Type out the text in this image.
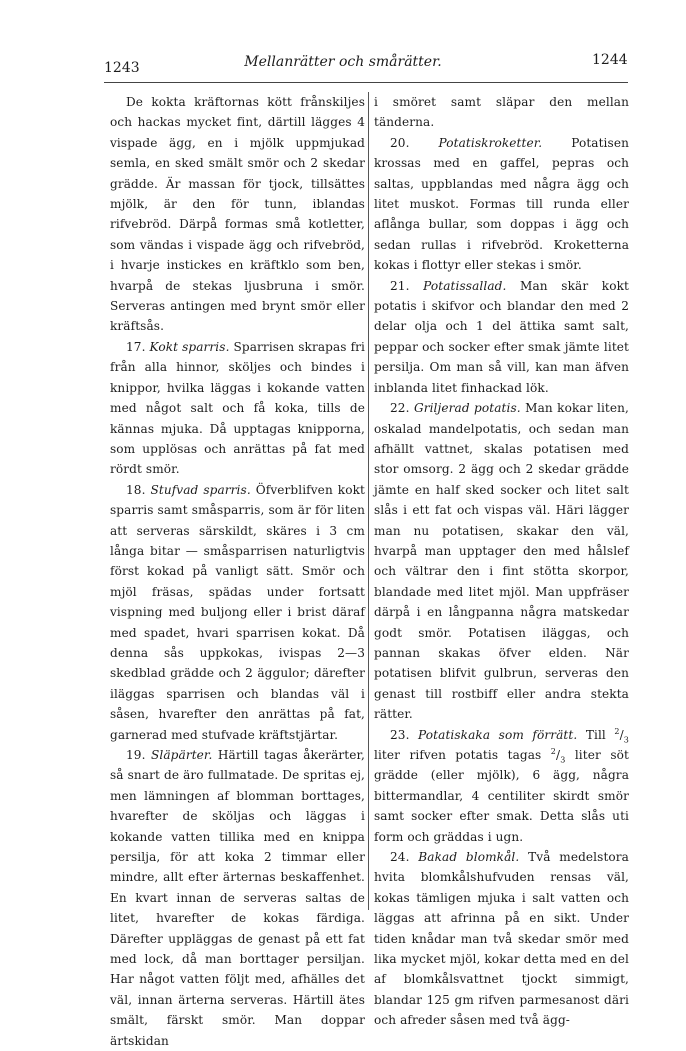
1243	Mellanrätter och smårätter.	1244

De kokta kräftornas kött frånskiljes och hackas mycket fint, därtill lägges 4 vispade ägg, en i mjölk uppmjukad semla, en sked smält smör och 2 skedar grädde. Är massan för tjock, tillsättes mjölk, är den för tunn, iblandas rifvebröd. Därpå formas små kotletter, som vändas i vispade ägg och rifvebröd, i hvarje instickes en kräftklo som ben, hvarpå de stekas ljusbruna i smör. Serveras antingen med brynt smör eller kräftsås.

17. Kokt sparris. Sparrisen skrapas fri från alla hinnor, sköljes och bindes i knippor, hvilka läggas i kokande vatten med något salt och få koka, tills de kännas mjuka. Då upptagas knipporna, som upplösas och anrättas på fat med rördt smör.

18. Stufvad sparris. Öfverblifven kokt sparris samt småsparris, som är för liten att serveras särskildt, skäres i 3 cm långa bitar — småsparrisen naturligtvis först kokad på vanligt sätt. Smör och mjöl fräsas, spädas under fortsatt vispning med buljong eller i brist däraf med spadet, hvari sparrisen kokat. Då denna sås uppkokas, ivispas 2—3 skedblad grädde och 2 äggulor; därefter iläggas sparrisen och blandas väl i såsen, hvarefter den anrättas på fat, garnerad med stufvade kräftstjärtar.

19. Släpärter. Härtill tagas åkerärter, så snart de äro fullmatade. De spritas ej, men lämningen af blomman borttages, hvarefter de sköljas och läggas i kokande vatten tillika med en knippa persilja, för att koka 2 timmar eller mindre, allt efter ärternas beskaffenhet. En kvart innan de serveras saltas de litet, hvarefter de kokas färdiga. Därefter uppläggas de genast på ett fat med lock, då man borttager persiljan. Har något vatten följt med, afhälles det väl, innan ärterna serveras. Härtill ätes smält, färskt smör. Man doppar ärtskidan

i smöret samt släpar den mellan tänderna.

20. Potatiskroketter. Potatisen krossas med en gaffel, pepras och saltas, uppblandas med några ägg och litet muskot. Formas till runda eller aflånga bullar, som doppas i ägg och sedan rullas i rifvebröd. Kroketterna kokas i flottyr eller stekas i smör.

21. Potatissallad. Man skär kokt potatis i skifvor och blandar den med 2 delar olja och 1 del ättika samt salt, peppar och socker efter smak jämte litet persilja. Om man så vill, kan man äfven inblanda litet finhackad lök.

22. Griljerad potatis. Man kokar liten, oskalad mandelpotatis, och sedan man afhällt vattnet, skalas potatisen med stor omsorg. 2 ägg och 2 skedar grädde jämte en half sked socker och litet salt slås i ett fat och vispas väl. Häri lägger man nu potatisen, skakar den väl, hvarpå man upptager den med hålslef och vältrar den i fint stötta skorpor, blandade med litet mjöl. Man uppfräser därpå i en långpanna några matskedar godt smör. Potatisen iläggas, och pannan skakas öfver elden. När potatisen blifvit gulbrun, serveras den genast till rostbiff eller andra stekta rätter.

23. Potatiskaka som förrätt. Till $^2/_3$ liter rifven potatis tagas $^2/_3$ liter söt grädde (eller mjölk), 6 ägg, några bittermandlar, 4 centiliter skirdt smör samt socker efter smak. Detta slås uti form och gräddas i ugn.

24. Bakad blomkål. Två medelstora hvita blomkålshufvuden rensas väl, kokas tämligen mjuka i salt vatten och läggas att afrinna på en sikt. Under tiden knådar man två skedar smör med lika mycket mjöl, kokar detta med en del af blomkålsvattnet tjockt simmigt, blandar 125 gm rifven parmesanost däri och afreder såsen med två ägg-
